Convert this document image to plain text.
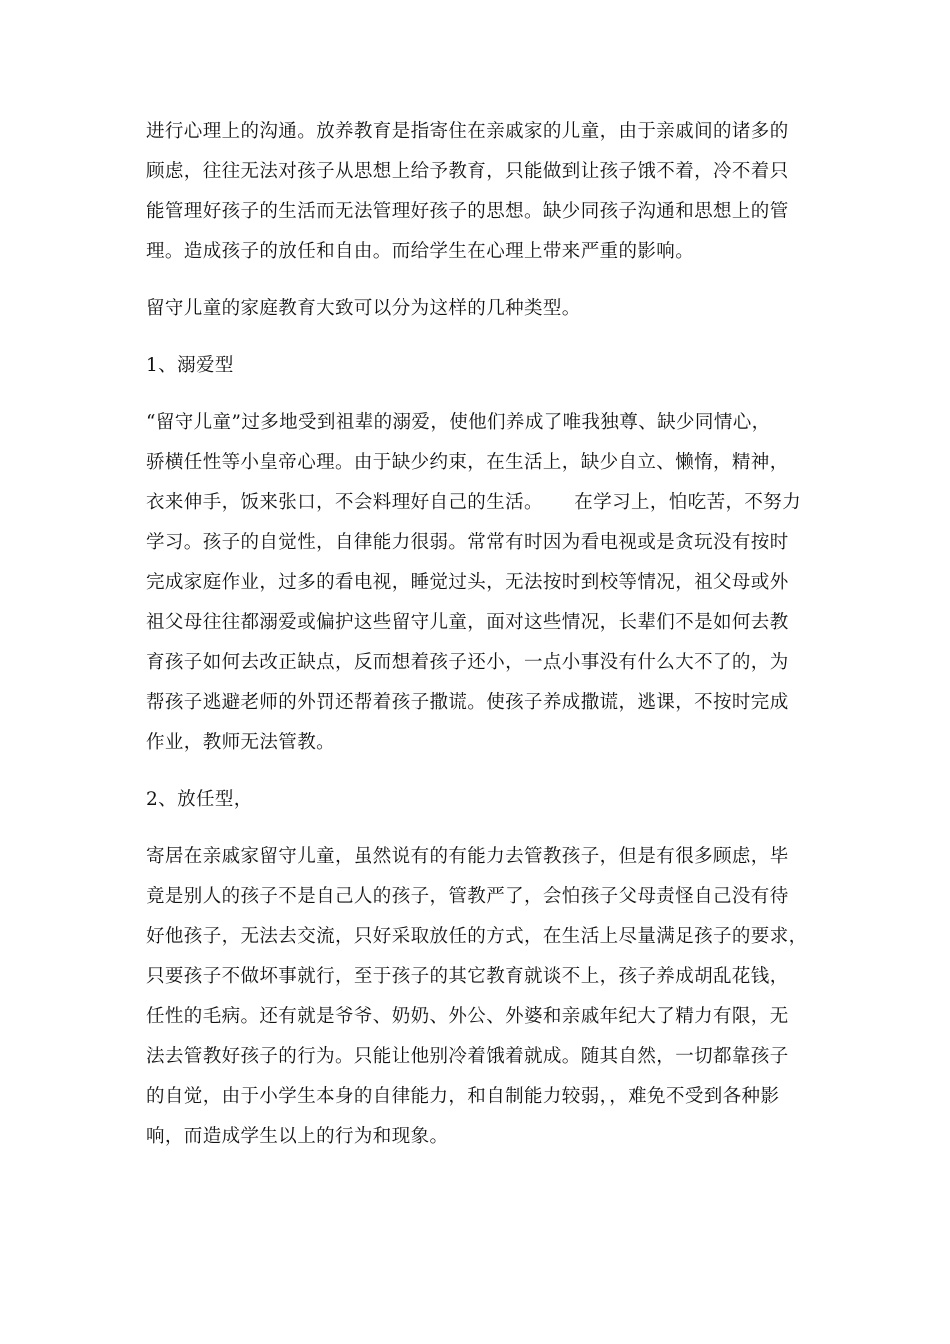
进行心理上的沟通。放养教育是指寄住在亲戚家的儿童，由于亲戚间的诸多的
顾虑，往往无法对孩子从思想上给予教育，只能做到让孩子饿不着，冷不着只
能管理好孩子的生活而无法管理好孩子的思想。缺少同孩子沟通和思想上的管
理。造成孩子的放任和自由。而给学生在心理上带来严重的影响。

留守儿童的家庭教育大致可以分为这样的几种类型。

1、溺爱型

“留守儿童”过多地受到祖辈的溺爱，使他们养成了唯我独尊、缺少同情心，
骄横任性等小皇帝心理。由于缺少约束，在生活上，缺少自立、懒惰，精神，
衣来伸手，饭来张口，不会料理好自己的生活。     在学习上，怕吃苦，不努力
学习。孩子的自觉性，自律能力很弱。常常有时因为看电视或是贪玩没有按时
完成家庭作业，过多的看电视，睡觉过头，无法按时到校等情况，祖父母或外
祖父母往往都溺爱或偏护这些留守儿童，面对这些情况，长辈们不是如何去教
育孩子如何去改正缺点，反而想着孩子还小，一点小事没有什么大不了的，为
帮孩子逃避老师的外罚还帮着孩子撒谎。使孩子养成撒谎，逃课，不按时完成
作业，教师无法管教。

2、放任型，

寄居在亲戚家留守儿童，虽然说有的有能力去管教孩子，但是有很多顾虑，毕
竟是别人的孩子不是自己人的孩子，管教严了，会怕孩子父母责怪自己没有待
好他孩子，无法去交流，只好采取放任的方式，在生活上尽量满足孩子的要求，
只要孩子不做坏事就行，至于孩子的其它教育就谈不上，孩子养成胡乱花钱，
任性的毛病。还有就是爷爷、奶奶、外公、外婆和亲戚年纪大了精力有限，无
法去管教好孩子的行为。只能让他别冷着饿着就成。随其自然，一切都靠孩子
的自觉，由于小学生本身的自律能力，和自制能力较弱，，难免不受到各种影
响，而造成学生以上的行为和现象。
